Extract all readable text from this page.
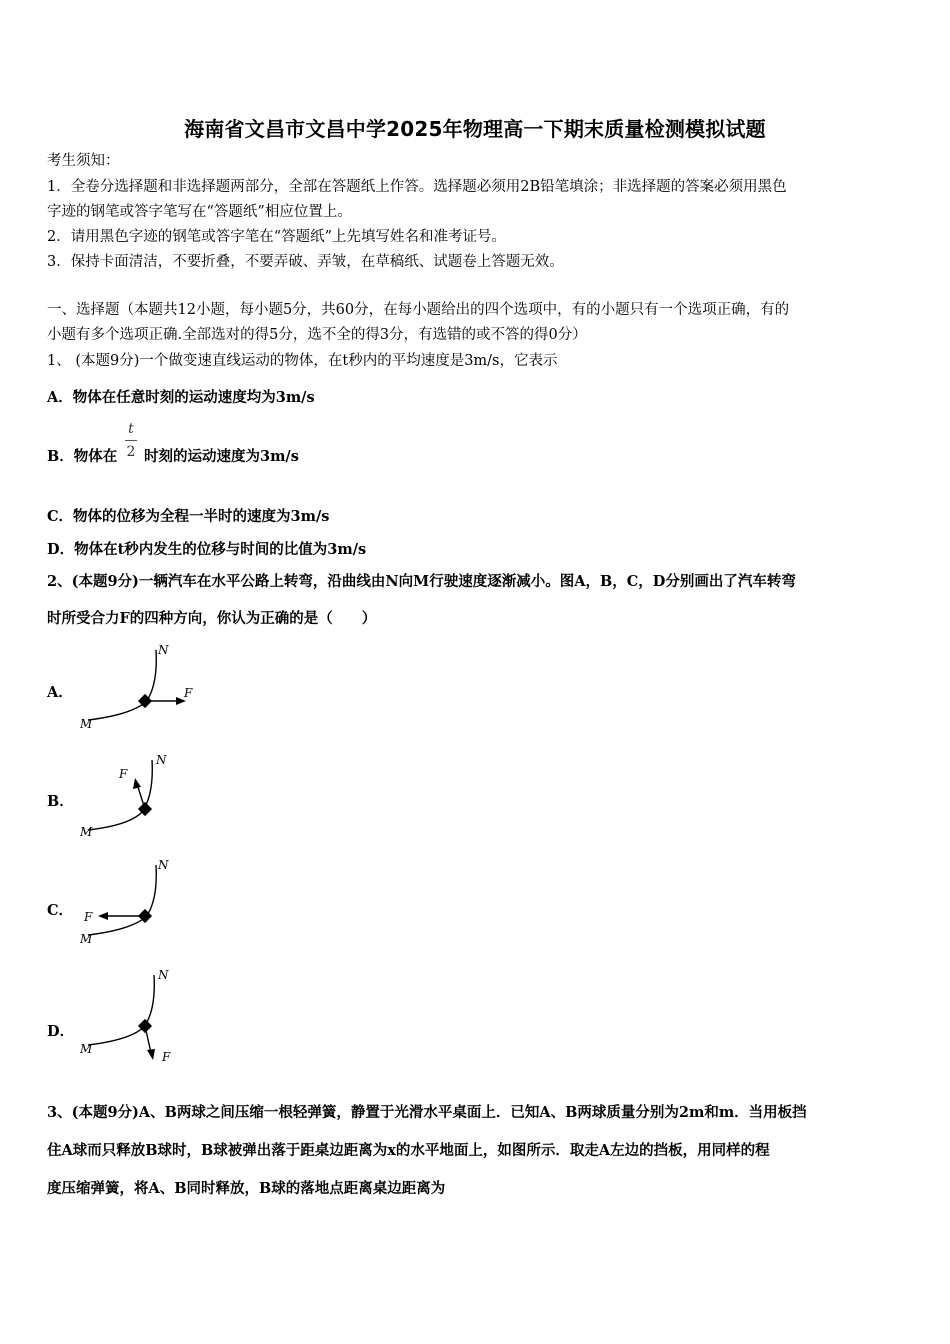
海南省文昌市文昌中学2025年物理高一下期末质量检测模拟试题
考生须知：
1．全卷分选择题和非选择题两部分，全部在答题纸上作答。选择题必须用2B铅笔填涂；非选择题的答案必须用黑色
字迹的钢笔或答字笔写在“答题纸”相应位置上。
2．请用黑色字迹的钢笔或答字笔在“答题纸”上先填写姓名和准考证号。
3．保持卡面清洁，不要折叠，不要弄破、弄皱，在草稿纸、试题卷上答题无效。
一、选择题（本题共12小题，每小题5分，共60分，在每小题给出的四个选项中，有的小题只有一个选项正确，有的
小题有多个选项正确.全部选对的得5分，选不全的得3分，有选错的或不答的得0分）
1、 (本题9分)一个做变速直线运动的物体，在t秒内的平均速度是3m/s，它表示
A．物体在任意时刻的运动速度均为3m/s
B．物体在
t
2 时刻的运动速度为3m/s
C．物体的位移为全程一半时的速度为3m/s
D．物体在t秒内发生的位移与时间的比值为3m/s
2、(本题9分)一辆汽车在水平公路上转弯，沿曲线由N向M行驶速度逐渐减小。图A，B，C，D分别画出了汽车转弯
时所受合力F的四种方向，你认为正确的是（　　）
A．
B．
C．
D．
N
M
F
N
M
F
N
M
F
N
M
F
3、(本题9分)A、B两球之间压缩一根轻弹簧，静置于光滑水平桌面上．已知A、B两球质量分别为2m和m．当用板挡
住A球而只释放B球时，B球被弹出落于距桌边距离为x的水平地面上，如图所示．取走A左边的挡板，用同样的程
度压缩弹簧，将A、B同时释放，B球的落地点距离桌边距离为
